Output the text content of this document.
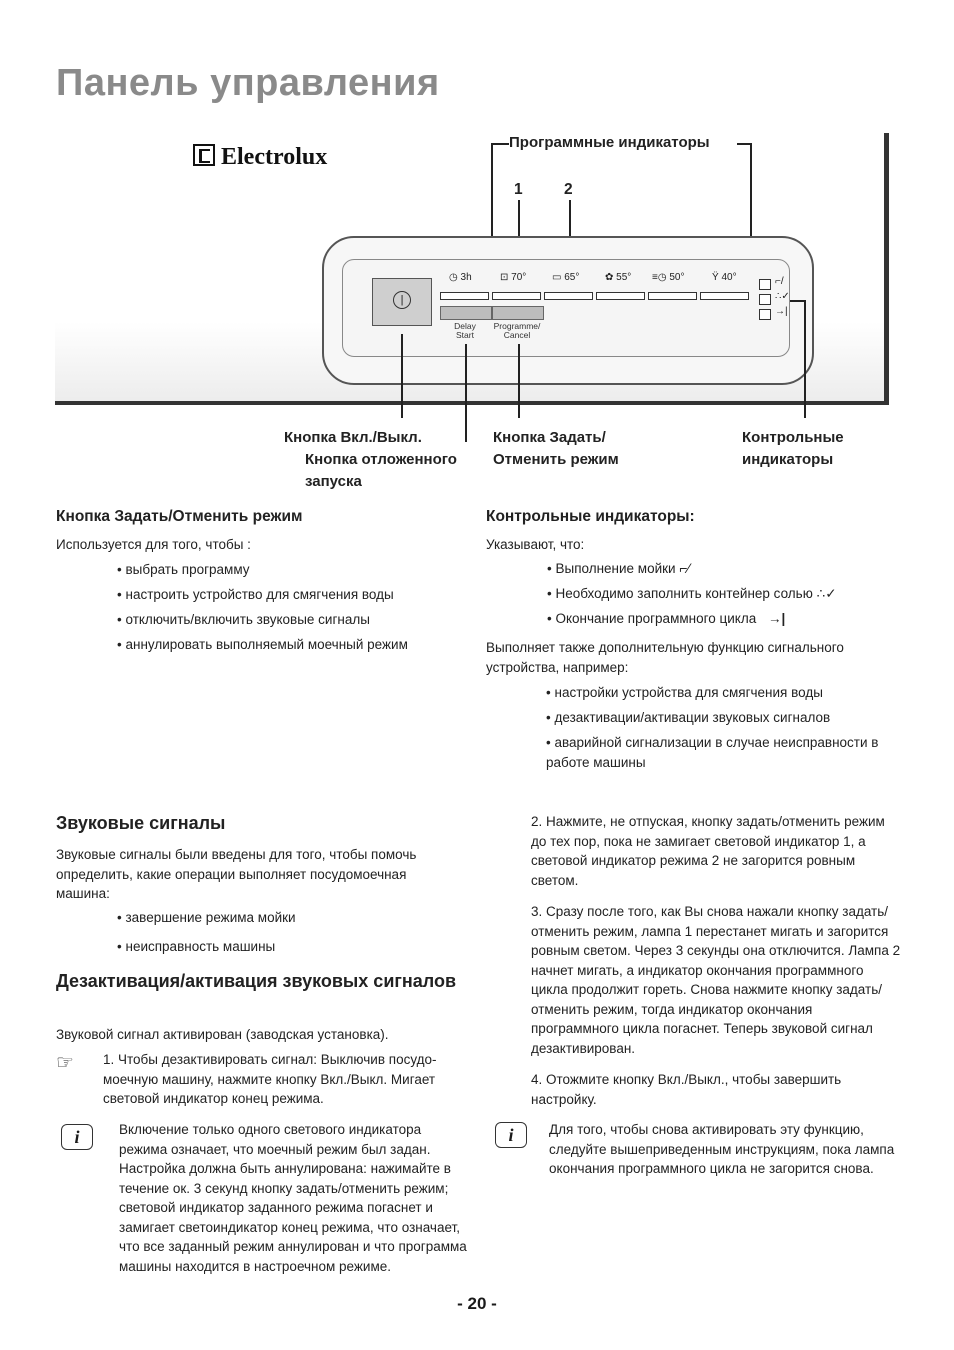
Панель управления
Electrolux
Программные индикаторы
1	2
|
◷ 3h	⊡ 70°	▭ 65°	✿ 55° ≡◷ 50°	Ÿ 40°
Delay Start
Programme/ Cancel
⌐/
∴✓
→|
Кнопка Вкл./Выкл.
Кнопка отложенного запуска
Кнопка Задать/ Отменить режим
Контрольные индикаторы
Кнопка Задать/Отменить режим
Используется для того, чтобы :
• выбрать программу
• настроить устройство для смягчения воды
• отключить/включить звуковые сигналы
• аннулировать выполняемый моечный режим
Звуковые сигналы
Звуковые сигналы были введены для того, чтобы помочь определить, какие операции выполняет посудомоечная машина:
• завершение режима мойки
• неисправность машины
Дезактивация/активация звуковых сигналов
Звуковой сигнал активирован (заводская установка).
☞ 1. Чтобы дезактивировать сигнал: Выключив посудо-моечную машину, нажмите кнопку Вкл./Выкл. Мигает световой индикатор конец режима.
i	Включение только одного светового индикатора режима означает, что моечный режим был задан. Настройка должна быть аннулирована: нажимайте в течение ок. 3 секунд кнопку задать/отменить режим; световой индикатор заданного режима погаснет и замигает светоиндикатор конец режима, что означает, что все заданный режим аннулирован и что программа машины находится в настроечном режиме.
Контрольные индикаторы:
Указывают, что:
• Выполнение мойки ⌐⁄
• Необходимо заполнить контейнер солью ∴✓
• Окончание программного цикла →|
Выполняет также дополнительную функцию сигнального устройства, например:
• настройки устройства для смягчения воды
• дезактивации/активации звуковых сигналов
• аварийной сигнализации в случае неисправности в работе машины
2. Нажмите, не отпуская, кнопку задать/отменить режим до тех пор, пока не замигает световой индикатор 1, а световой индикатор режима 2 не загорится ровным светом.
3. Сразу после того, как Вы снова нажали кнопку задать/отменить режим, лампа 1 перестанет мигать и загорится ровным светом. Через 3 секунды она отключится. Лампа 2 начнет мигать, а индикатор окончания программного цикла продолжит гореть. Снова нажмите кнопку задать/отменить режим, тогда индикатор окончания программного цикла погаснет. Теперь звуковой сигнал дезактивирован.
4. Отожмите кнопку Вкл./Выкл., чтобы завершить настройку.
i	Для того, чтобы снова активировать эту функцию, следуйте вышеприведенным инструкциям, пока лампа окончания программного цикла не загорится снова.
- 20 -
